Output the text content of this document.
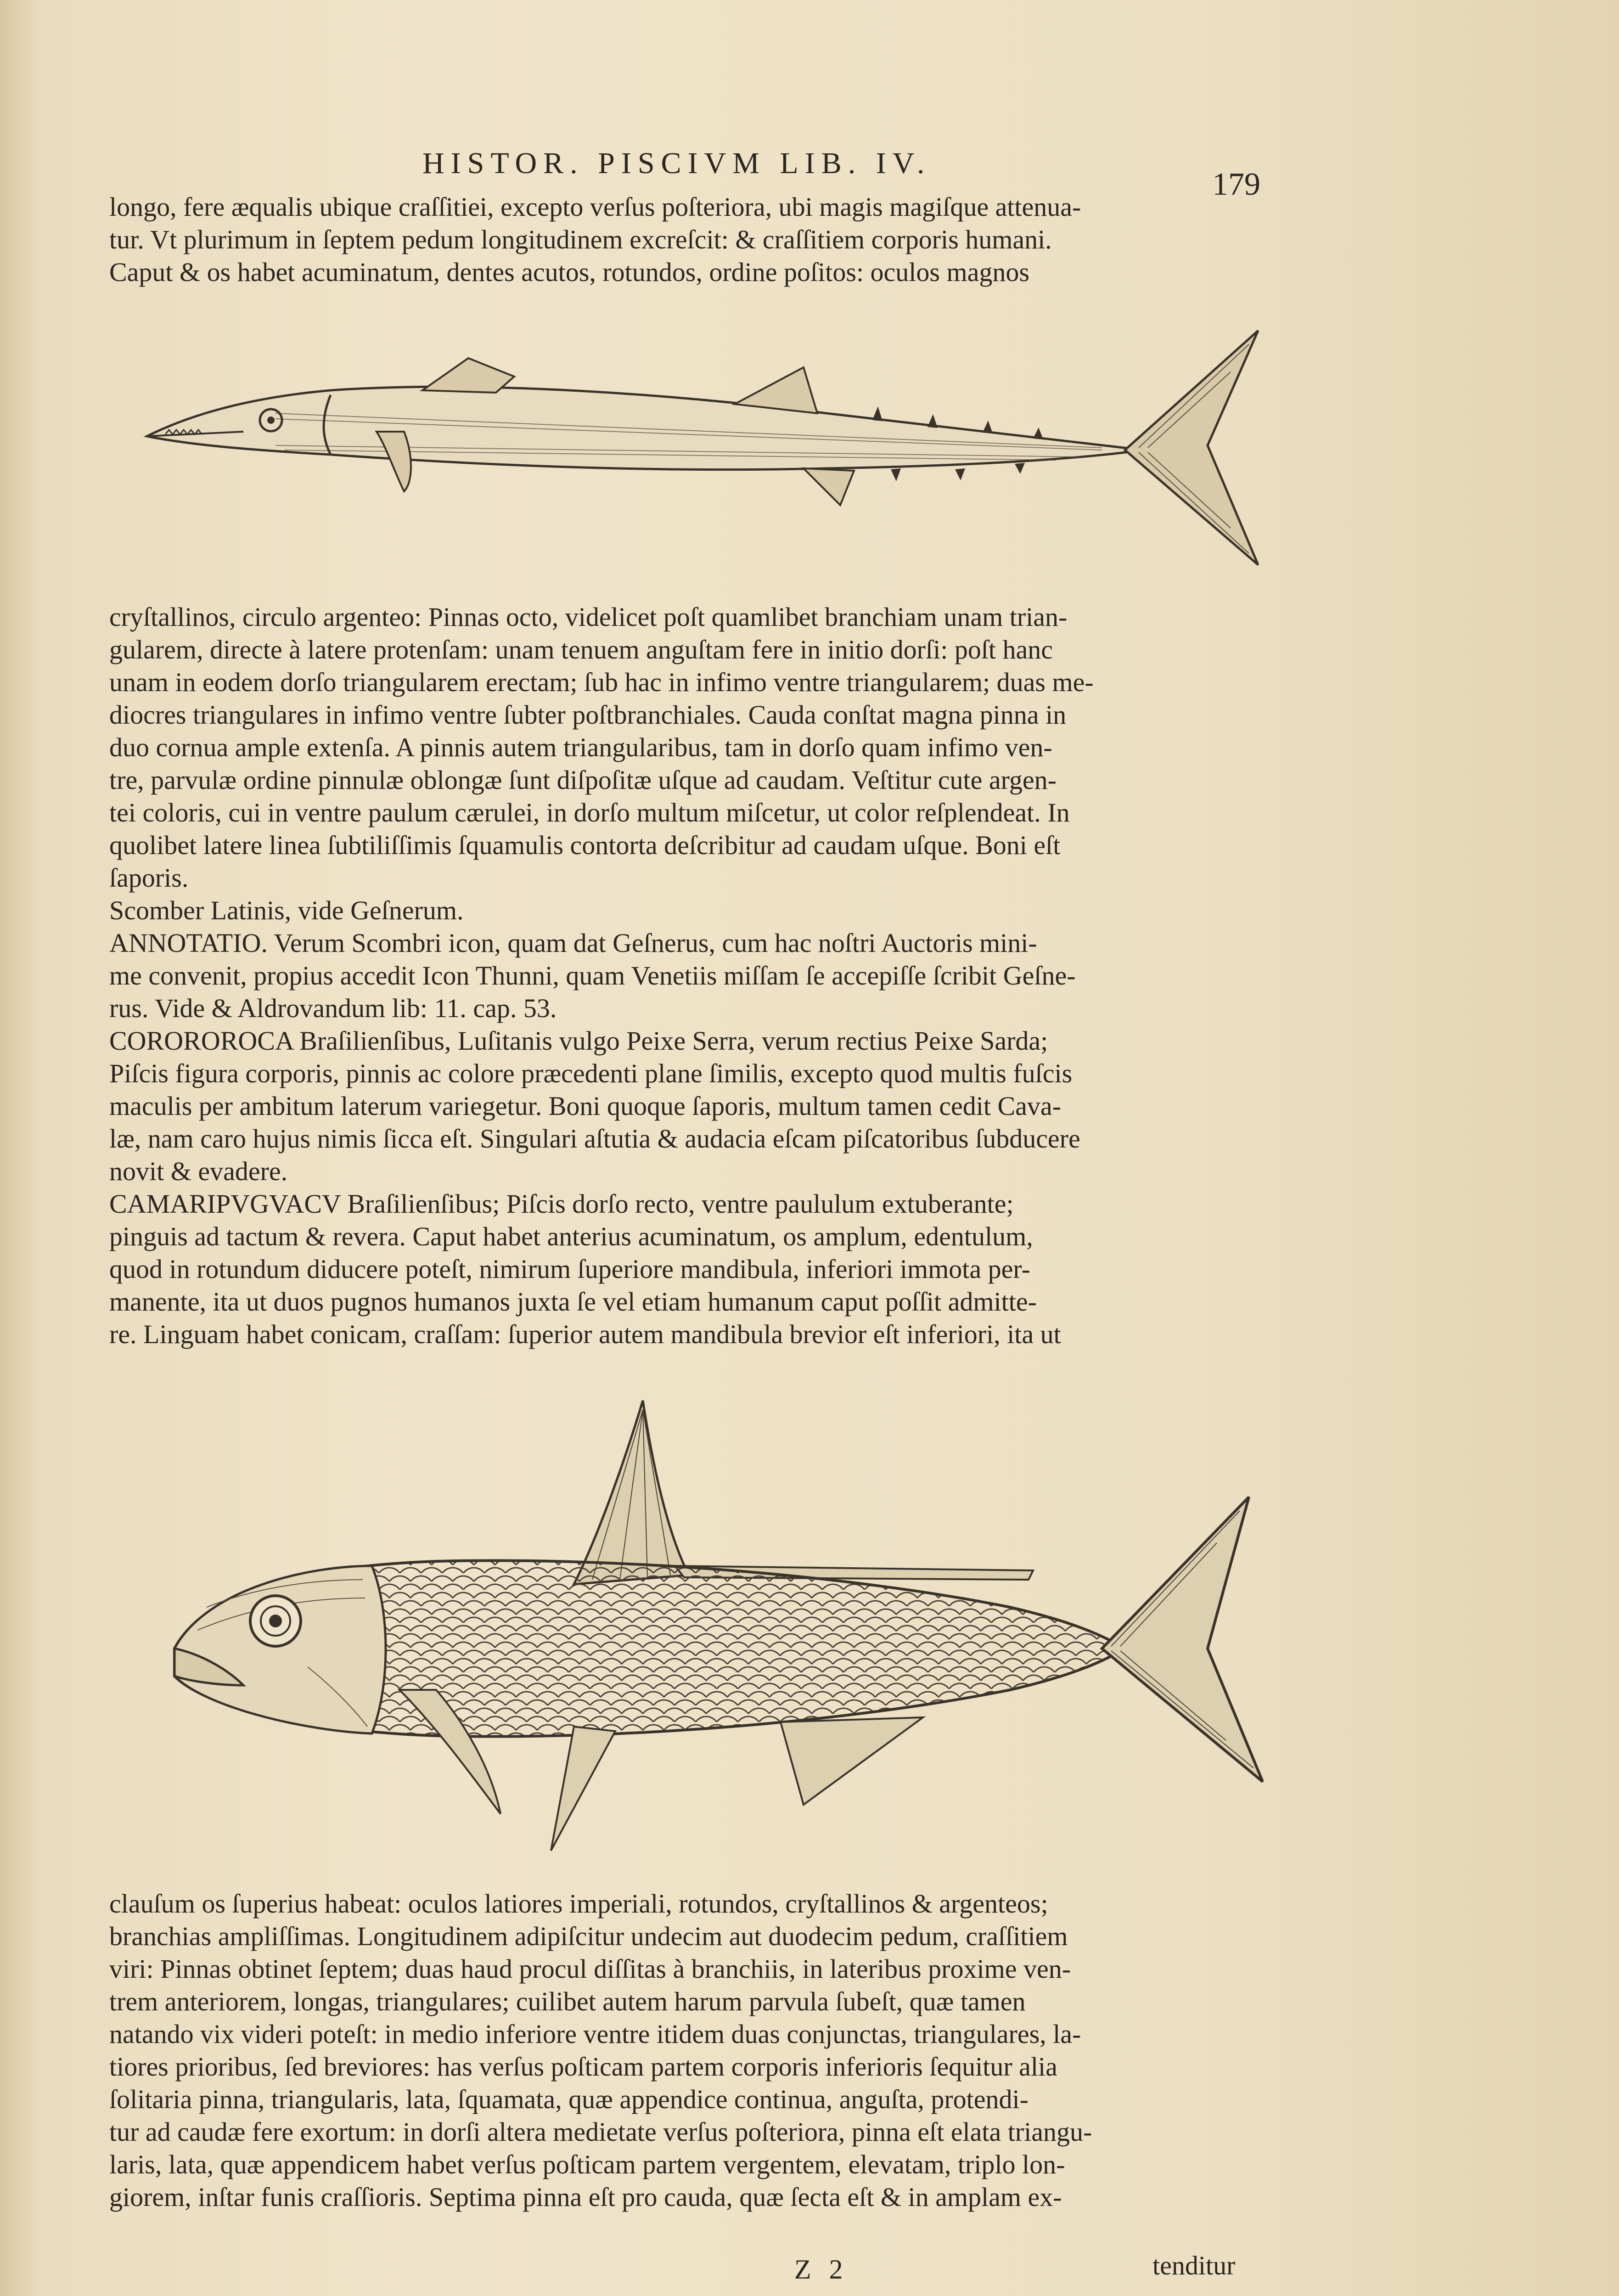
HISTOR. PISCIVM LIB. IV.
179
longo, fere æqualis ubique craſſitiei, excepto verſus poſteriora, ubi magis magiſque attenua-
tur. Vt plurimum in ſeptem pedum longitudinem excreſcit: & craſſitiem corporis humani.
Caput & os habet acuminatum, dentes acutos, rotundos, ordine poſitos: oculos magnos
cryſtallinos, circulo argenteo: Pinnas octo, videlicet poſt quamlibet branchiam unam trian-
gularem, directe à latere protenſam: unam tenuem anguſtam fere in initio dorſi: poſt hanc
unam in eodem dorſo triangularem erectam; ſub hac in infimo ventre triangularem; duas me-
diocres triangulares in infimo ventre ſubter poſtbranchiales. Cauda conſtat magna pinna in
duo cornua ample extenſa. A pinnis autem triangularibus, tam in dorſo quam infimo ven-
tre, parvulæ ordine pinnulæ oblongæ ſunt diſpoſitæ uſque ad caudam. Veſtitur cute argen-
tei coloris, cui in ventre paulum cærulei, in dorſo multum miſcetur, ut color reſplendeat. In
quolibet latere linea ſubtiliſſimis ſquamulis contorta deſcribitur ad caudam uſque. Boni eſt
ſaporis.
Scomber Latinis, vide Geſnerum.
ANNOTATIO. Verum Scombri icon, quam dat Geſnerus, cum hac noſtri Auctoris mini-
me convenit, propius accedit Icon Thunni, quam Venetiis miſſam ſe accepiſſe ſcribit Geſne-
rus. Vide & Aldrovandum lib: 11. cap. 53.
COROROROCA Braſilienſibus, Luſitanis vulgo Peixe Serra, verum rectius Peixe Sarda;
Piſcis figura corporis, pinnis ac colore præcedenti plane ſimilis, excepto quod multis fuſcis
maculis per ambitum laterum variegetur. Boni quoque ſaporis, multum tamen cedit Cava-
læ, nam caro hujus nimis ſicca eſt. Singulari aſtutia & audacia eſcam piſcatoribus ſubducere
novit & evadere.
CAMARIPVGVACV Braſilienſibus; Piſcis dorſo recto, ventre paululum extuberante;
pinguis ad tactum & revera. Caput habet anterius acuminatum, os amplum, edentulum,
quod in rotundum diducere poteſt, nimirum ſuperiore mandibula, inferiori immota per-
manente, ita ut duos pugnos humanos juxta ſe vel etiam humanum caput poſſit admitte-
re. Linguam habet conicam, craſſam: ſuperior autem mandibula brevior eſt inferiori, ita ut
clauſum os ſuperius habeat: oculos latiores imperiali, rotundos, cryſtallinos & argenteos;
branchias ampliſſimas. Longitudinem adipiſcitur undecim aut duodecim pedum, craſſitiem
viri: Pinnas obtinet ſeptem; duas haud procul diſſitas à branchiis, in lateribus proxime ven-
trem anteriorem, longas, triangulares; cuilibet autem harum parvula ſubeſt, quæ tamen
natando vix videri poteſt: in medio inferiore ventre itidem duas conjunctas, triangulares, la-
tiores prioribus, ſed breviores: has verſus poſticam partem corporis inferioris ſequitur alia
ſolitaria pinna, triangularis, lata, ſquamata, quæ appendice continua, anguſta, protendi-
tur ad caudæ fere exortum: in dorſi altera medietate verſus poſteriora, pinna eſt elata triangu-
laris, lata, quæ appendicem habet verſus poſticam partem vergentem, elevatam, triplo lon-
giorem, inſtar funis craſſioris. Septima pinna eſt pro cauda, quæ ſecta eſt & in amplam ex-
Z 2	tenditur
